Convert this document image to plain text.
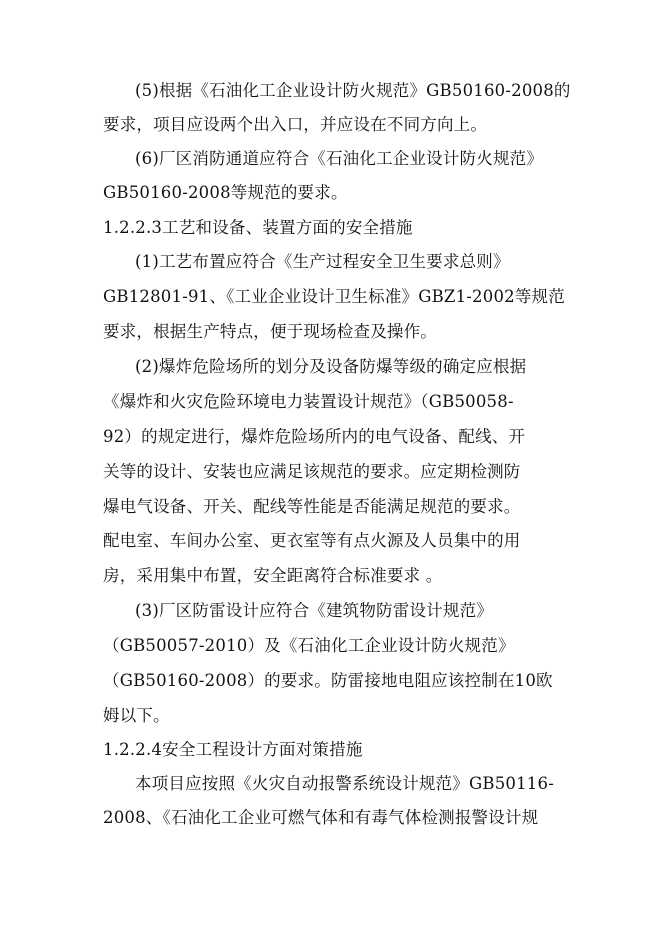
(5)根据《石油化工企业设计防火规范》GB50160-2008的
要求，项目应设两个出入口，并应设在不同方向上。
(6)厂区消防通道应符合《石油化工企业设计防火规范》
GB50160-2008等规范的要求。
1.2.2.3工艺和设备、装置方面的安全措施
(1)工艺布置应符合《生产过程安全卫生要求总则》
GB12801-91、《工业企业设计卫生标准》GBZ1-2002等规范
要求，根据生产特点，便于现场检查及操作。
(2)爆炸危险场所的划分及设备防爆等级的确定应根据
《爆炸和火灾危险环境电力装置设计规范》（GB50058-
92）的规定进行，爆炸危险场所内的电气设备、配线、开
关等的设计、安装也应满足该规范的要求。应定期检测防
爆电气设备、开关、配线等性能是否能满足规范的要求。
配电室、车间办公室、更衣室等有点火源及人员集中的用
房，采用集中布置，安全距离符合标准要求 。
(3)厂区防雷设计应符合《建筑物防雷设计规范》
（GB50057-2010）及《石油化工企业设计防火规范》
（GB50160-2008）的要求。防雷接地电阻应该控制在10欧
姆以下。
1.2.2.4安全工程设计方面对策措施
本项目应按照《火灾自动报警系统设计规范》GB50116-
2008、《石油化工企业可燃气体和有毒气体检测报警设计规
